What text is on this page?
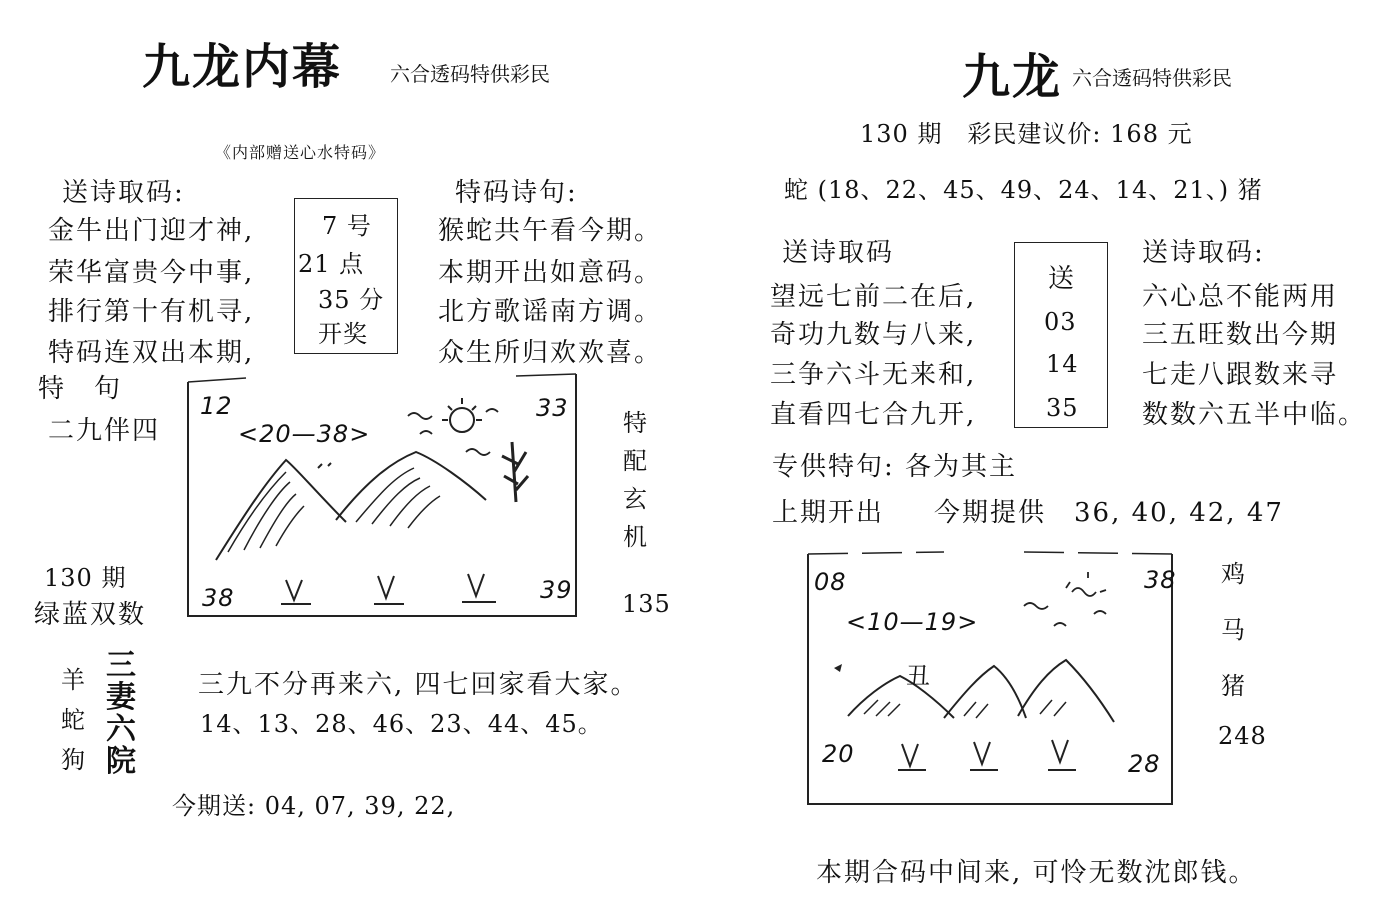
九龙内幕 六合透码特供彩民
《内部赠送心水特码》
送诗取码:	特码诗句:
金牛出门迎才神,
荣华富贵今中事,
排行第十有机寻,
特码连双出本期,
7 号
21 点
35 分
开奖
猴蛇共午看今期。
本期开出如意码。
北方歌谣南方调。
众生所归欢欢喜。
特　句
二九伴四
130 期
绿蓝双数
12	33
38	39
<20—38>	特
配
玄
机
135
羊
蛇
狗
三
妻
六
院
三九不分再来六, 四七回家看大家。
14、13、28、46、23、44、45。
今期送: 04, 07, 39, 22,
九龙 六合透码特供彩民
130 期　彩民建议价: 168 元
蛇 (18、22、45、49、24、14、21、) 猪
送诗取码	送诗取码:
望远七前二在后,
奇功九数与八来,
三争六斗无来和,
直看四七合九开,
送
03
14
35
六心总不能两用
三五旺数出今期
七走八跟数来寻
数数六五半中临。
专供特句: 各为其主
上期开出 今期提供　36, 40, 42, 47
08	38
20	28
<10—19>
丑
鸡
马
猪
248
本期合码中间来, 可怜无数沈郎钱。
